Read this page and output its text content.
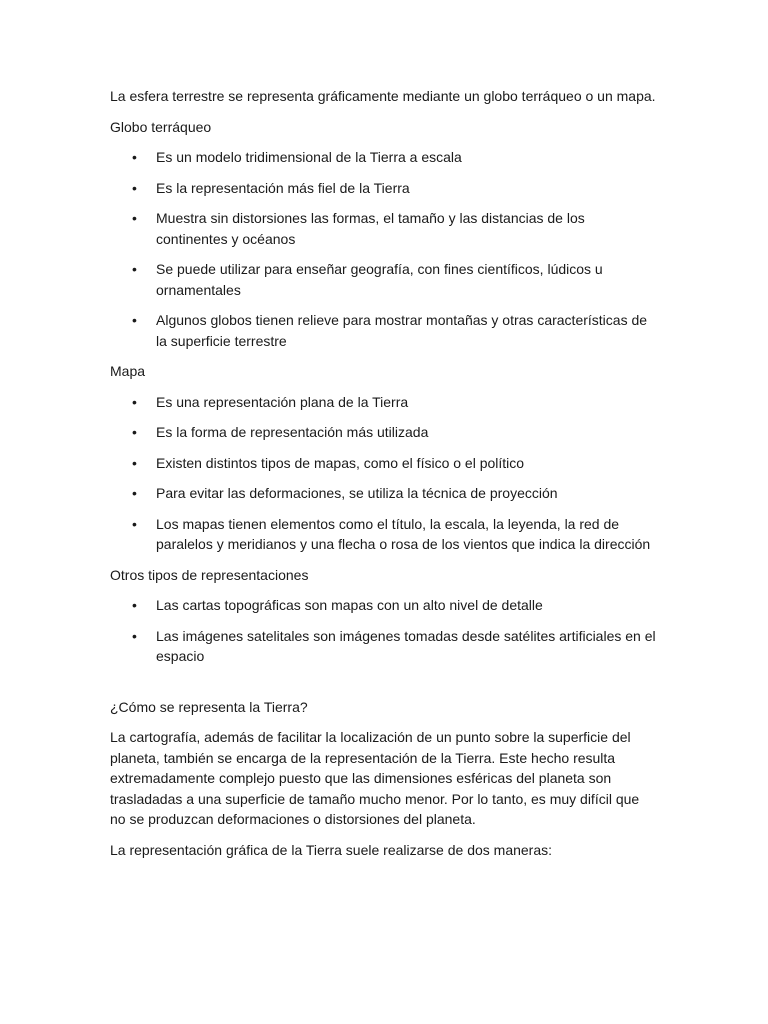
La esfera terrestre se representa gráficamente mediante un globo terráqueo o un mapa.

Globo terráqueo

• Es un modelo tridimensional de la Tierra a escala
• Es la representación más fiel de la Tierra
• Muestra sin distorsiones las formas, el tamaño y las distancias de los continentes y océanos
• Se puede utilizar para enseñar geografía, con fines científicos, lúdicos u ornamentales
• Algunos globos tienen relieve para mostrar montañas y otras características de la superficie terrestre

Mapa

• Es una representación plana de la Tierra
• Es la forma de representación más utilizada
• Existen distintos tipos de mapas, como el físico o el político
• Para evitar las deformaciones, se utiliza la técnica de proyección
• Los mapas tienen elementos como el título, la escala, la leyenda, la red de paralelos y meridianos y una flecha o rosa de los vientos que indica la dirección

Otros tipos de representaciones

• Las cartas topográficas son mapas con un alto nivel de detalle
• Las imágenes satelitales son imágenes tomadas desde satélites artificiales en el espacio

¿Cómo se representa la Tierra?

La cartografía, además de facilitar la localización de un punto sobre la superficie del planeta, también se encarga de la representación de la Tierra. Este hecho resulta extremadamente complejo puesto que las dimensiones esféricas del planeta son trasladadas a una superficie de tamaño mucho menor. Por lo tanto, es muy difícil que no se produzcan deformaciones o distorsiones del planeta.

La representación gráfica de la Tierra suele realizarse de dos maneras:
